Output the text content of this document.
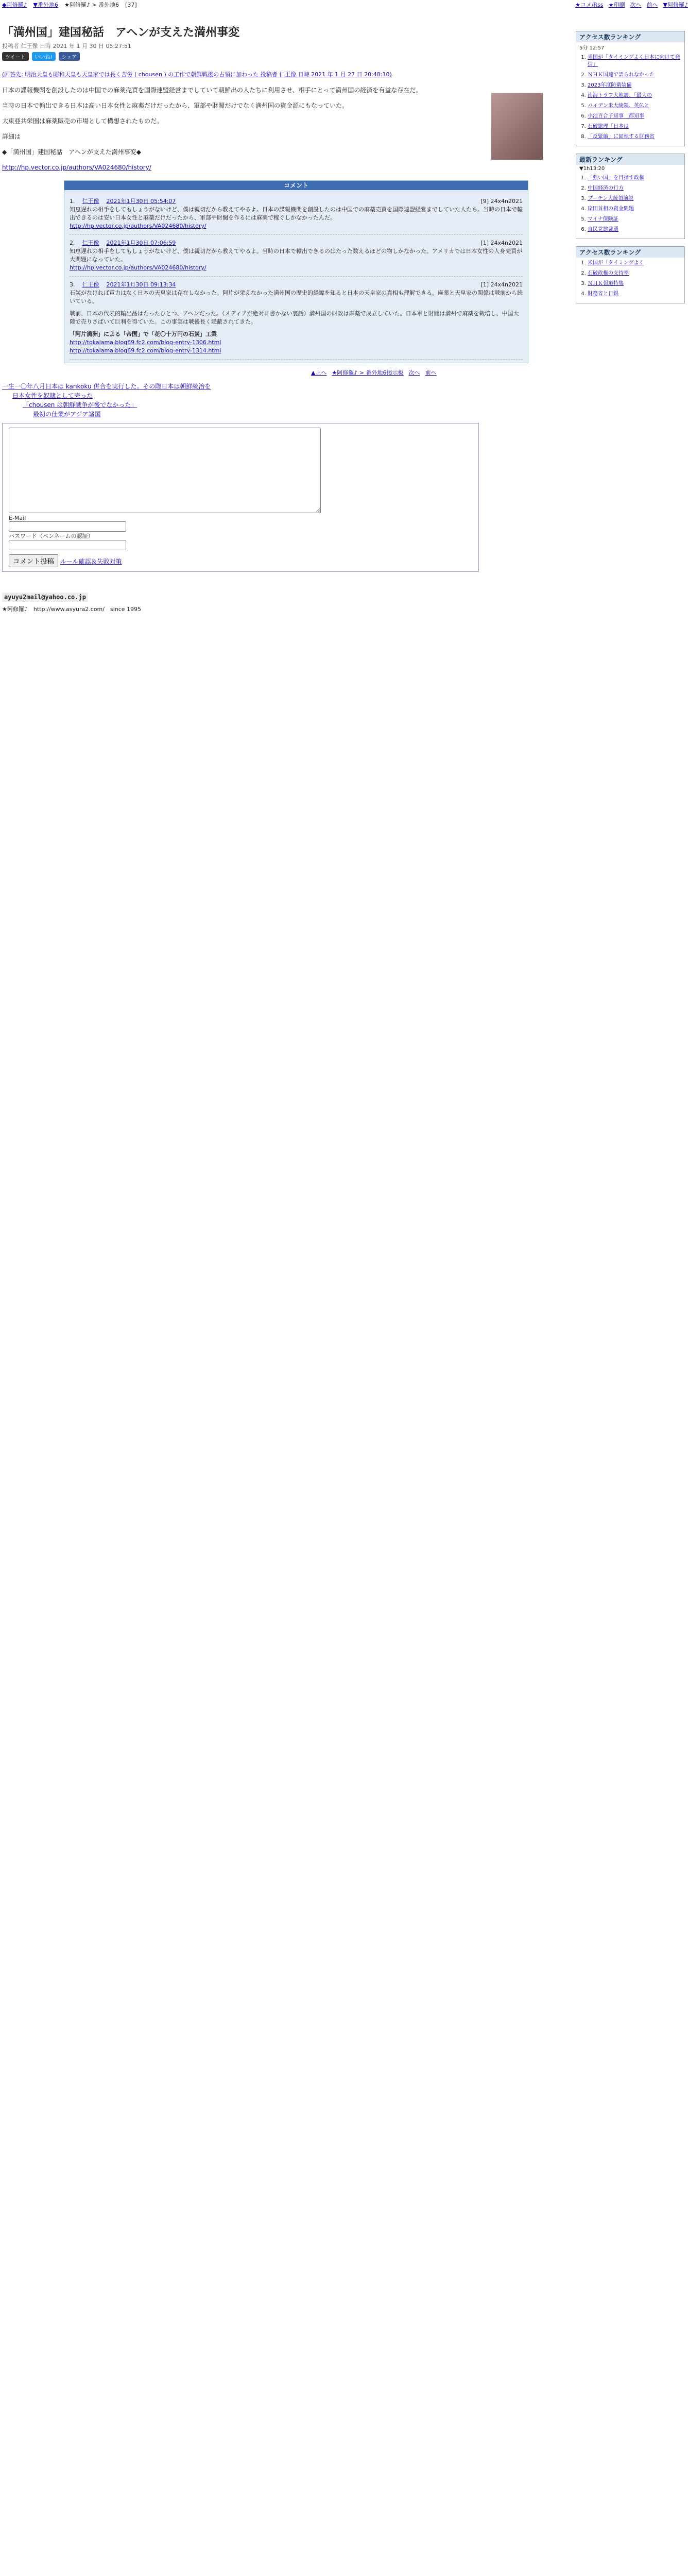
◆阿修羅♪ ▼番外地6 ★阿修羅♪ > 番外地6 [37]
「満州国」建国秘話　アヘンが支えた満州事変
投稿者 仁王像 日時 2021 年 1 月 30 日 05:27:51
ツイート	いいね!	シェア
(回答先: 明治天皇も昭和天皇も天皇家では長く苦労 ( chousen ) の工作で朝鮮戦後の占領に加わった 投稿者 仁王像 日時 2021 年 1 月 27 日 20:48:10)

日本の諜報機関を創設したのは中国での麻薬売買を国際連盟経営までしていて朝鮮出の人たちに利用させ、相手にとって満州国の経済を有益な存在だ。

当時の日本で輸出できる日本は高い日本女性と麻薬だけだったから、軍部や財閥だけでなく満州国の資金源にもなっていた。

大東亜共栄圏は麻薬販売の市場として構想されたものだ。

詳細は

◆「満州国」建国秘話　アヘンが支えた満州事変◆

http://hp.vector.co.jp/authors/VA024680/history/
コメント
1. 仁王像 2021年1月30日 05:54:07	[9] 24x4n2021
知恵遅れの相手をしてもしょうがないけど、僕は親切だから教えてやるよ。日本の諜報機関を創設したのは中国での麻薬売買を国際連盟経営までしていた人たち。当時の日本で輸出できるのは安い日本女性と麻薬だけだったから、軍部や財閥を作るには麻薬で稼ぐしかなかったんだ。
http://hp.vector.co.jp/authors/VA024680/history/
2. 仁王像 2021年1月30日 07:06:59	[1] 24x4n2021
知恵遅れの相手をしてもしょうがないけど、僕は親切だから教えてやるよ。当時の日本で輸出できるのはたった数えるほどの物しかなかった。アメリカでは日本女性の人身売買が大問題になっていた。
http://hp.vector.co.jp/authors/VA024680/history/
3. 仁王像 2021年1月30日 09:13:34	[1] 24x4n2021
石炭がなければ電力はなく日本の天皇家は存在しなかった。阿片が栄えなかった満州国の歴史的経緯を知ると日本の天皇家の真相も理解できる。麻薬と天皇家の関係は戦前から続いている。
戦前、日本の代表的輸出品はたったひとつ、アヘンだった。（メディアが絶対に書かない裏話）満州国の財政は麻薬で成立していた。日本軍と財閥は満州で麻薬を栽培し、中国大陸で売りさばいて巨利を得ていた。この事実は戦後長く隠蔽されてきた。
「阿片満洲」による「帝国」で「花〇十万円の石炭」工業
http://tokaiama.blog69.fc2.com/blog-entry-1306.html
http://tokaiama.blog69.fc2.com/blog-entry-1314.html
▲上へ ★阿修羅♪ > 番外地6掲示板 次へ 前へ
一生一〇年八月日本は kankoku 併合を実行した。その際日本は朝鮮統治を
日本女性を奴隷として売った
「chousen は朝鮮戦争が後でなかった」
最初の仕業がアジア諸国
E-Mail
パスワード（ペンネームの認証）
コメント投稿 ルール確認＆失敗対策
ayuyu2mail@yahoo.co.jp
★阿修羅♪　http://www.asyura2.com/　since 1995
★コメ/Rss ★印刷 次へ 前へ ▼阿修羅♪
アクセス数ランキング
5分 12:57
1. 米国が「タイミングよく日本に向けて発信」
2. ＮＨＫ国連で語られなかった
3. 2023年度防衛装備
4. 南海トラフ大地震、「最大の
5. バイデン米大統領、英仏と
6. 小池百合子知事　都知事
7. 石破総理「日本は
8. 「反緊縮」に固執する財務省
最新ランキング
▼1h13:20
1. 「強い国」を目指す政権
2. 中国経済の行方
3. プーチン大統領演説
4. 岸田首相の資金問題
5. マイナ保険証
6. 自民党総裁選
アクセス数ランキング
1. 米国が「タイミングよく
2. 石破政権の支持率
3. ＮＨＫ報道特集
4. 財務省と日銀
